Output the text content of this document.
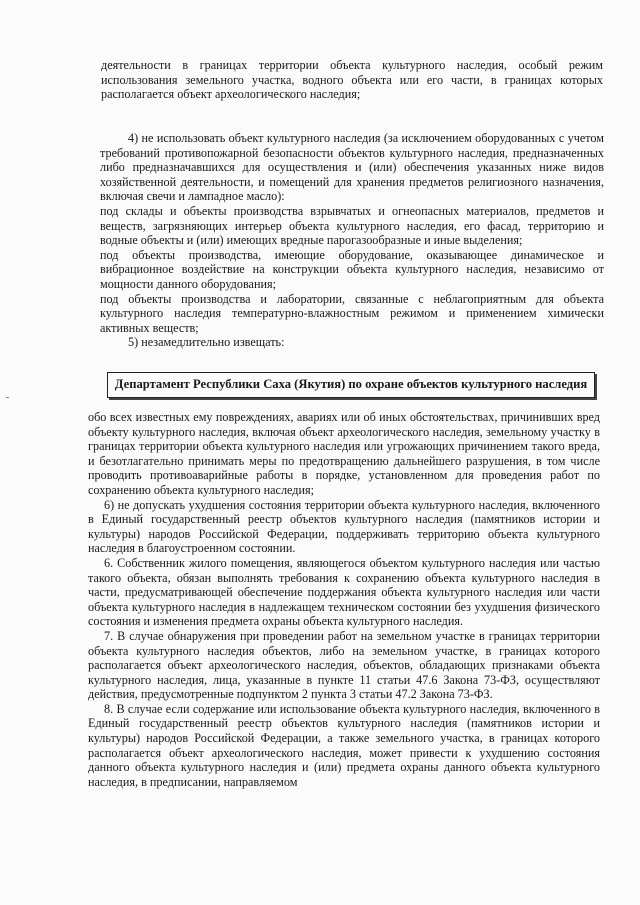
деятельности в границах территории объекта культурного наследия, особый режим использования земельного участка, водного объекта или его части, в границах которых располагается объект археологического наследия;

4) не использовать объект культурного наследия (за исключением оборудованных с учетом требований противопожарной безопасности объектов культурного наследия, предназначенных либо предназначавшихся для осуществления и (или) обеспечения указанных ниже видов хозяйственной деятельности, и помещений для хранения предметов религиозного назначения, включая свечи и лампадное масло):

под склады и объекты производства взрывчатых и огнеопасных материалов, предметов и веществ, загрязняющих интерьер объекта культурного наследия, его фасад, территорию и водные объекты и (или) имеющих вредные парогазообразные и иные выделения;

под объекты производства, имеющие оборудование, оказывающее динамическое и вибрационное воздействие на конструкции объекта культурного наследия, независимо от мощности данного оборудования;

под объекты производства и лаборатории, связанные с неблагоприятным для объекта культурного наследия температурно-влажностным режимом и применением химически активных веществ;

5) незамедлительно извещать:

Департамент Республики Саха (Якутия) по охране объектов культурного наследия

обо всех известных ему повреждениях, авариях или об иных обстоятельствах, причинивших вред объекту культурного наследия, включая объект археологического наследия, земельному участку в границах территории объекта культурного наследия или угрожающих причинением такого вреда, и безотлагательно принимать меры по предотвращению дальнейшего разрушения, в том числе проводить противоаварийные работы в порядке, установленном для проведения работ по сохранению объекта культурного наследия;

6) не допускать ухудшения состояния территории объекта культурного наследия, включенного в Единый государственный реестр объектов культурного наследия (памятников истории и культуры) народов Российской Федерации, поддерживать территорию объекта культурного наследия в благоустроенном состоянии.

6. Собственник жилого помещения, являющегося объектом культурного наследия или частью такого объекта, обязан выполнять требования к сохранению объекта культурного наследия в части, предусматривающей обеспечение поддержания объекта культурного наследия или части объекта культурного наследия в надлежащем техническом состоянии без ухудшения физического состояния и изменения предмета охраны объекта культурного наследия.

7. В случае обнаружения при проведении работ на земельном участке в границах территории объекта культурного наследия объектов, либо на земельном участке, в границах которого располагается объект археологического наследия, объектов, обладающих признаками объекта культурного наследия, лица, указанные в пункте 11 статьи 47.6 Закона 73-ФЗ, осуществляют действия, предусмотренные подпунктом 2 пункта 3 статьи 47.2 Закона 73-ФЗ.

8. В случае если содержание или использование объекта культурного наследия, включенного в Единый государственный реестр объектов культурного наследия (памятников истории и культуры) народов Российской Федерации, а также земельного участка, в границах которого располагается объект археологического наследия, может привести к ухудшению состояния данного объекта культурного наследия и (или) предмета охраны данного объекта культурного наследия, в предписании, направляемом
